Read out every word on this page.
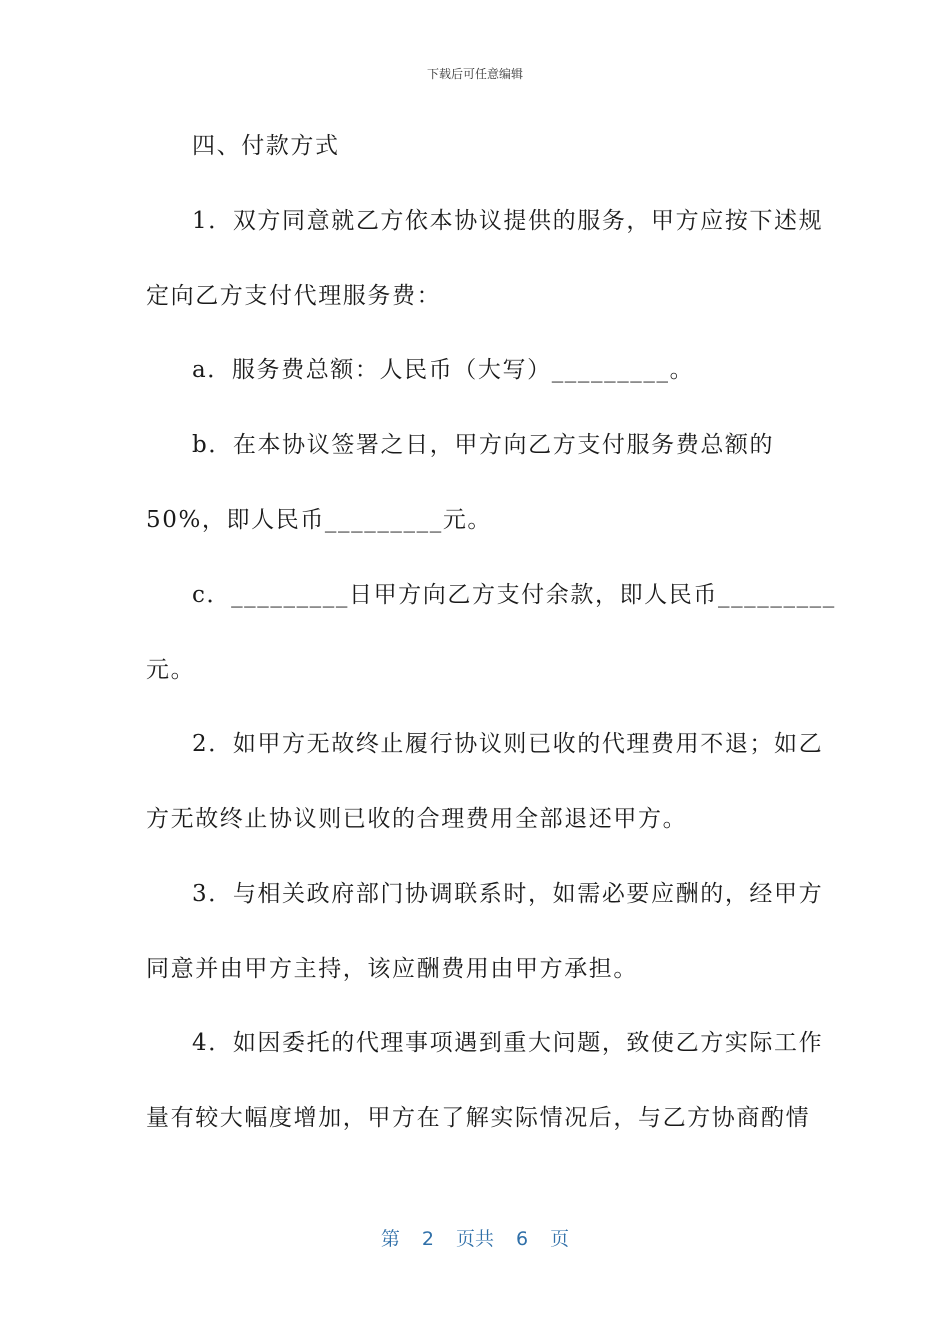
下载后可任意编辑
四、付款方式
1．双方同意就乙方依本协议提供的服务，甲方应按下述规
定向乙方支付代理服务费：
a．服务费总额：人民币（大写）_________。
b．在本协议签署之日，甲方向乙方支付服务费总额的
50%，即人民币_________元。
c．_________日甲方向乙方支付余款，即人民币_________
元。
2．如甲方无故终止履行协议则已收的代理费用不退；如乙
方无故终止协议则已收的合理费用全部退还甲方。
3．与相关政府部门协调联系时，如需必要应酬的，经甲方
同意并由甲方主持，该应酬费用由甲方承担。
4．如因委托的代理事项遇到重大问题，致使乙方实际工作
量有较大幅度增加，甲方在了解实际情况后，与乙方协商酌情
第 2 页共 6 页
